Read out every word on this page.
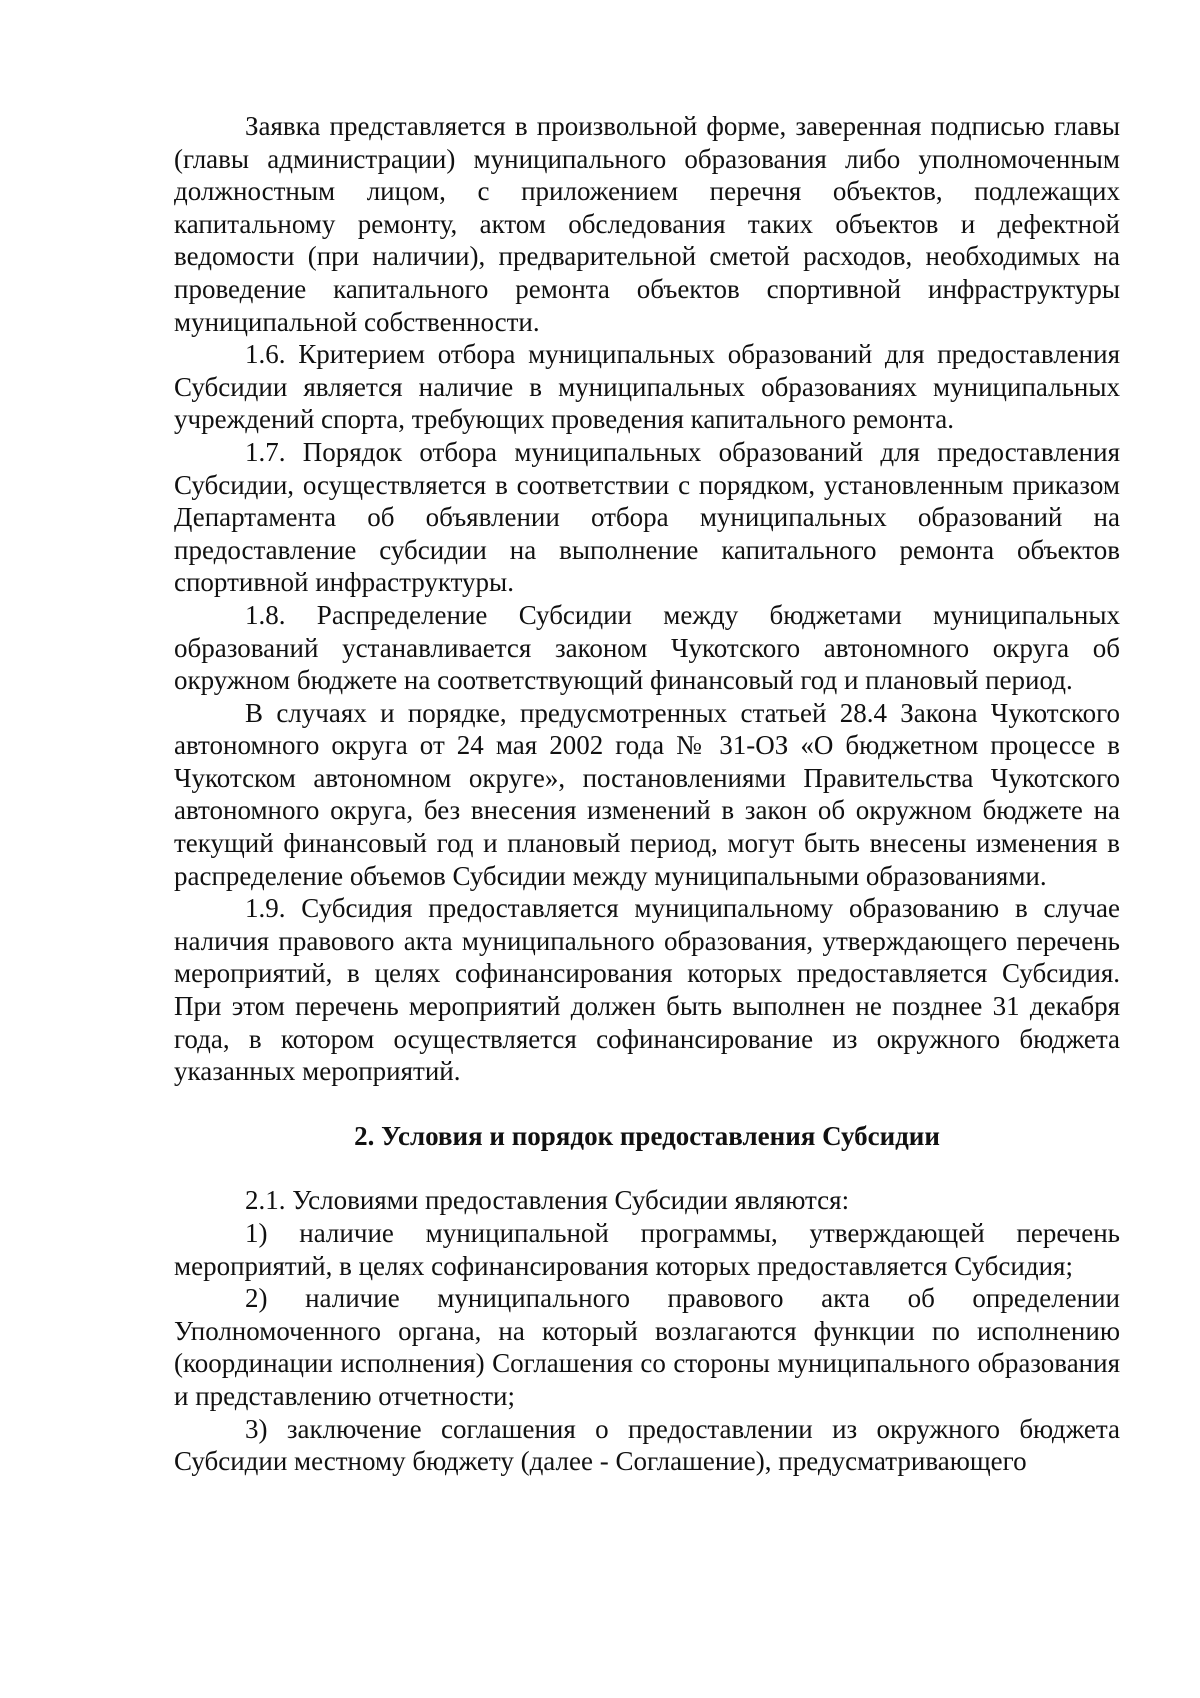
Заявка представляется в произвольной форме, заверенная подписью главы (главы администрации) муниципального образования либо уполномоченным должностным лицом, с приложением перечня объектов, подлежащих капитальному ремонту, актом обследования таких объектов и дефектной ведомости (при наличии), предварительной сметой расходов, необходимых на проведение капитального ремонта объектов спортивной инфраструктуры муниципальной собственности.

1.6. Критерием отбора муниципальных образований для предоставления Субсидии является наличие в муниципальных образованиях муниципальных учреждений спорта, требующих проведения капитального ремонта.

1.7. Порядок отбора муниципальных образований для предоставления Субсидии, осуществляется в соответствии с порядком, установленным приказом Департамента об объявлении отбора муниципальных образований на предоставление субсидии на выполнение капитального ремонта объектов спортивной инфраструктуры.

1.8. Распределение Субсидии между бюджетами муниципальных образований устанавливается законом Чукотского автономного округа об окружном бюджете на соответствующий финансовый год и плановый период.

В случаях и порядке, предусмотренных статьей 28.4 Закона Чукотского автономного округа от 24 мая 2002 года № 31-ОЗ «О бюджетном процессе в Чукотском автономном округе», постановлениями Правительства Чукотского автономного округа, без внесения изменений в закон об окружном бюджете на текущий финансовый год и плановый период, могут быть внесены изменения в распределение объемов Субсидии между муниципальными образованиями.

1.9. Субсидия предоставляется муниципальному образованию в случае наличия правового акта муниципального образования, утверждающего перечень мероприятий, в целях софинансирования которых предоставляется Субсидия. При этом перечень мероприятий должен быть выполнен не позднее 31 декабря года, в котором осуществляется софинансирование из окружного бюджета указанных мероприятий.

2. Условия и порядок предоставления Субсидии

2.1. Условиями предоставления Субсидии являются:

1) наличие муниципальной программы, утверждающей перечень мероприятий, в целях софинансирования которых предоставляется Субсидия;

2) наличие муниципального правового акта об определении Уполномоченного органа, на который возлагаются функции по исполнению (координации исполнения) Соглашения со стороны муниципального образования и представлению отчетности;

3) заключение соглашения о предоставлении из окружного бюджета Субсидии местному бюджету (далее - Соглашение), предусматривающего
